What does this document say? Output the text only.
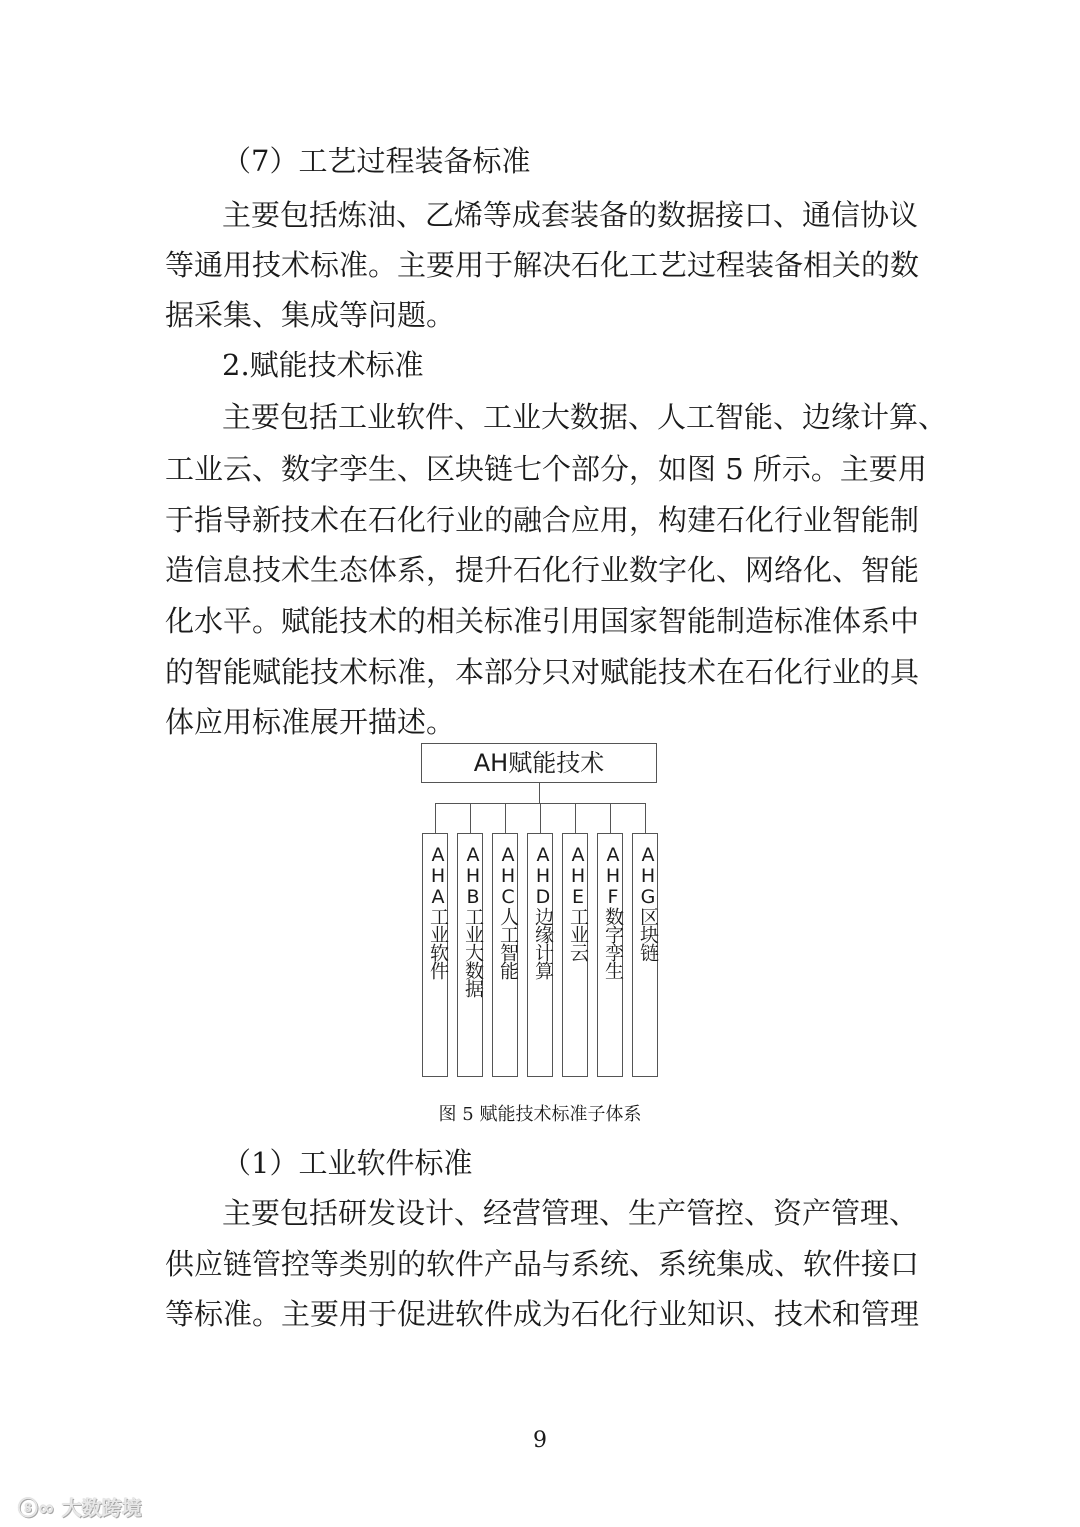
（7）工艺过程装备标准
主要包括炼油、乙烯等成套装备的数据接口、通信协议
等通用技术标准。主要用于解决石化工艺过程装备相关的数
据采集、集成等问题。
2.赋能技术标准
主要包括工业软件、工业大数据、人工智能、边缘计算、
工业云、数字孪生、区块链七个部分，如图 5 所示。主要用
于指导新技术在石化行业的融合应用，构建石化行业智能制
造信息技术生态体系，提升石化行业数字化、网络化、智能
化水平。赋能技术的相关标准引用国家智能制造标准体系中
的智能赋能技术标准，本部分只对赋能技术在石化行业的具
体应用标准展开描述。
AH赋能技术
AHA工业软件 AHB工业大数据 AHC人工智能 AHD边缘计算 AHE工业云 AHF数字孪生 AHG区块链
图 5 赋能技术标准子体系
（1）工业软件标准
主要包括研发设计、经营管理、生产管控、资产管理、
供应链管控等类别的软件产品与系统、系统集成、软件接口
等标准。主要用于促进软件成为石化行业知识、技术和管理
9
ⓢ∞ 大数跨境
